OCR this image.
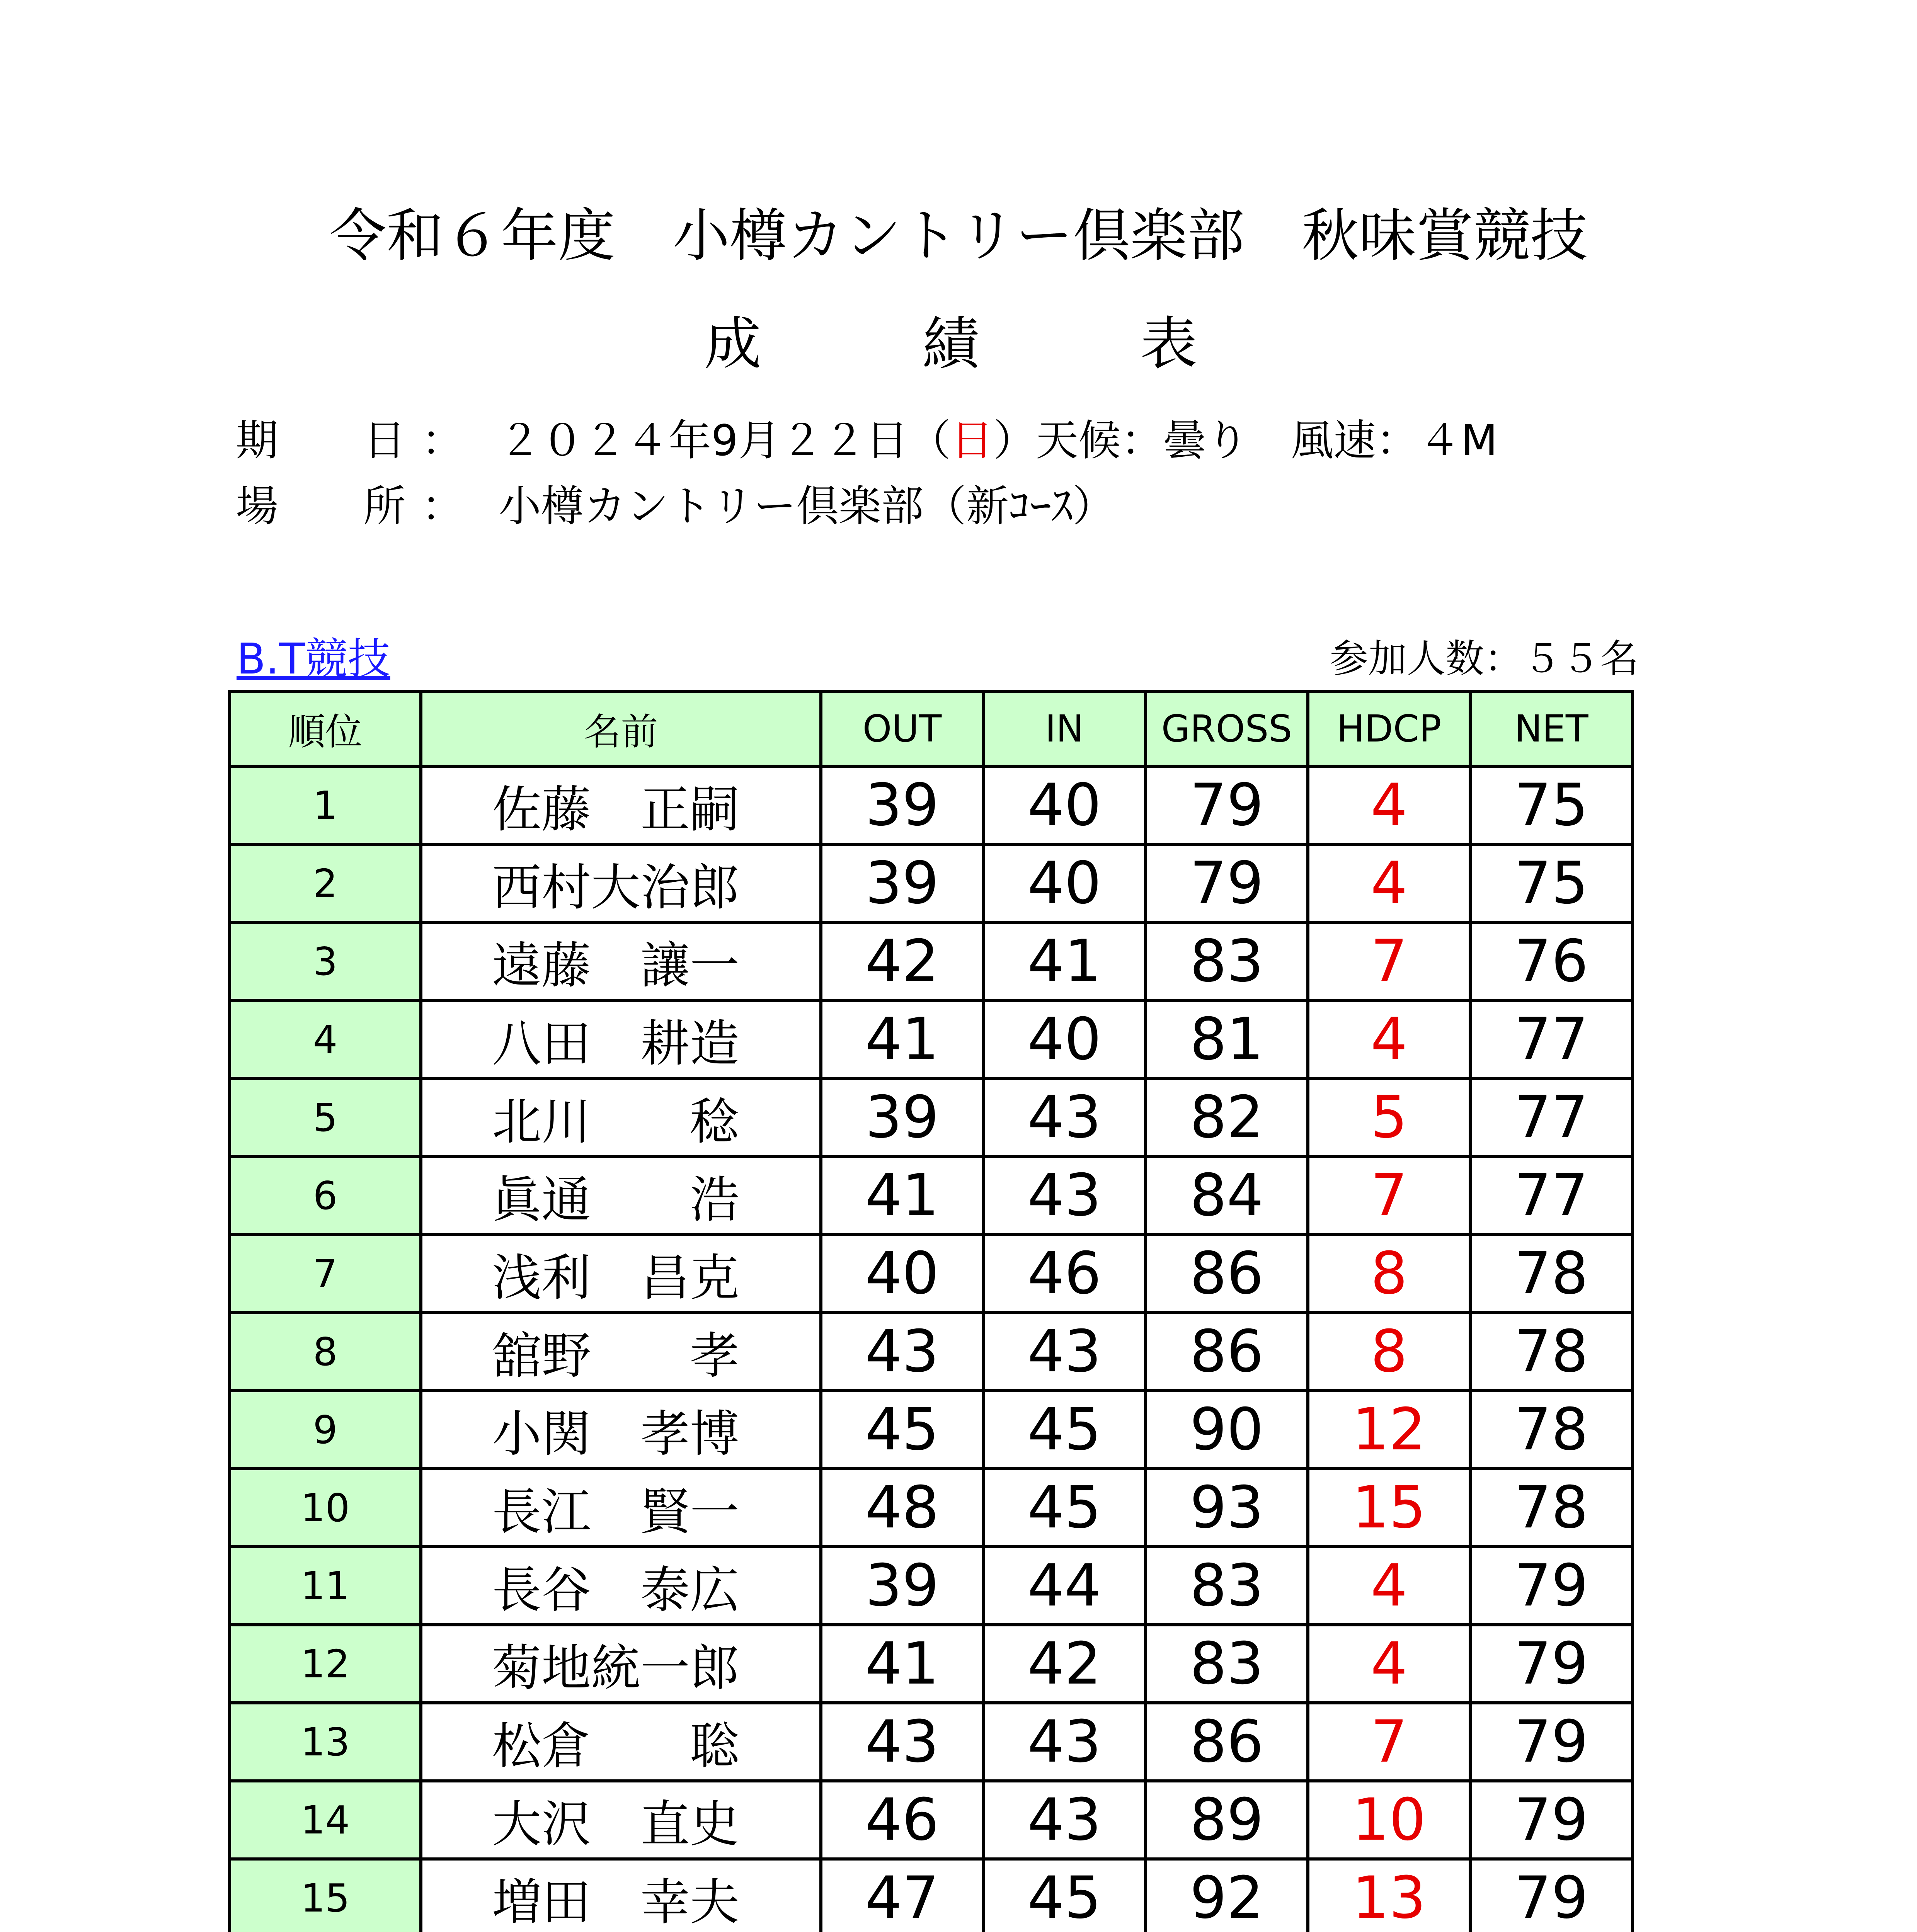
令和６年度　小樽カントリー倶楽部　秋味賞競技
成　　績　　表
期　　日 ： ２０２４年9月２２日（日）天候：曇り　風速：４M
場　　所 ： 小樽カントリー倶楽部（新ｺｰｽ）
B.T競技	参加人数：５５名
順位	名前	OUT	IN	GROSS	HDCP	NET
1	佐藤　正嗣	39	40	79	4	75
2	西村大治郎	39	40	79	4	75
3	遠藤　讓一	42	41	83	7	76
4	八田　耕造	41	40	81	4	77
5	北川　　稔	39	43	82	5	77
6	眞通　　浩	41	43	84	7	77
7	浅利　昌克	40	46	86	8	78
8	舘野　　孝	43	43	86	8	78
9	小関　孝博	45	45	90	12	78
10	長江　賢一	48	45	93	15	78
11	長谷　泰広	39	44	83	4	79
12	菊地統一郎	41	42	83	4	79
13	松倉　　聡	43	43	86	7	79
14	大沢　直史	46	43	89	10	79
15	増田　幸夫	47	45	92	13	79
